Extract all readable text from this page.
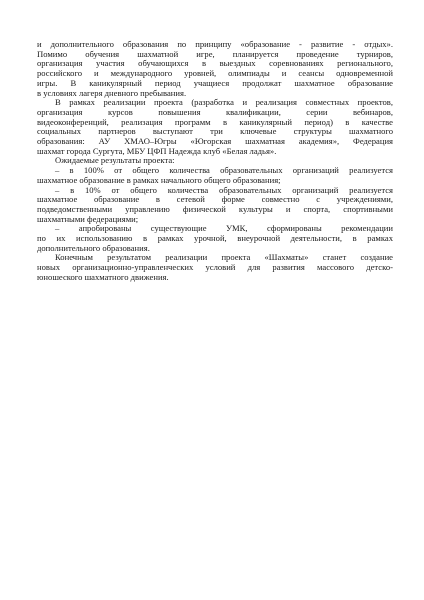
и дополнительного образования по принципу «образование - развитие - отдых».
Помимо обучения шахматной игре, планируется проведение турниров,
организация участия обучающихся в выездных соревнованиях регионального,
российского и международного уровней, олимпиады и сеансы одновременной
игры. В каникулярный период учащиеся продолжат шахматное образование
в условиях лагеря дневного пребывания.

В рамках реализации проекта (разработка и реализация совместных проектов,
организация курсов повышения квалификации, серии вебинаров,
видеоконференций, реализация программ в каникулярный период) в качестве
социальных партнеров выступают три ключевые структуры шахматного
образования: АУ ХМАО–Югры «Югорская шахматная академия», Федерация
шахмат города Сургута, МБУ ЦФП Надежда клуб «Белая ладья».

Ожидаемые результаты проекта:

– в 100% от общего количества образовательных организаций реализуется
шахматное образование в рамках начального общего образования;

– в 10% от общего количества образовательных организаций реализуется
шахматное образование в сетевой форме совместно с учреждениями,
подведомственными управлению физической культуры и спорта, спортивными
шахматными федерациями;

– апробированы существующие УМК, сформированы рекомендации
по их использованию в рамках урочной, внеурочной деятельности, в рамках
дополнительного образования.

Конечным результатом реализации проекта «Шахматы» станет создание
новых организационно-управленческих условий для развития массового детско-
юношеского шахматного движения.
